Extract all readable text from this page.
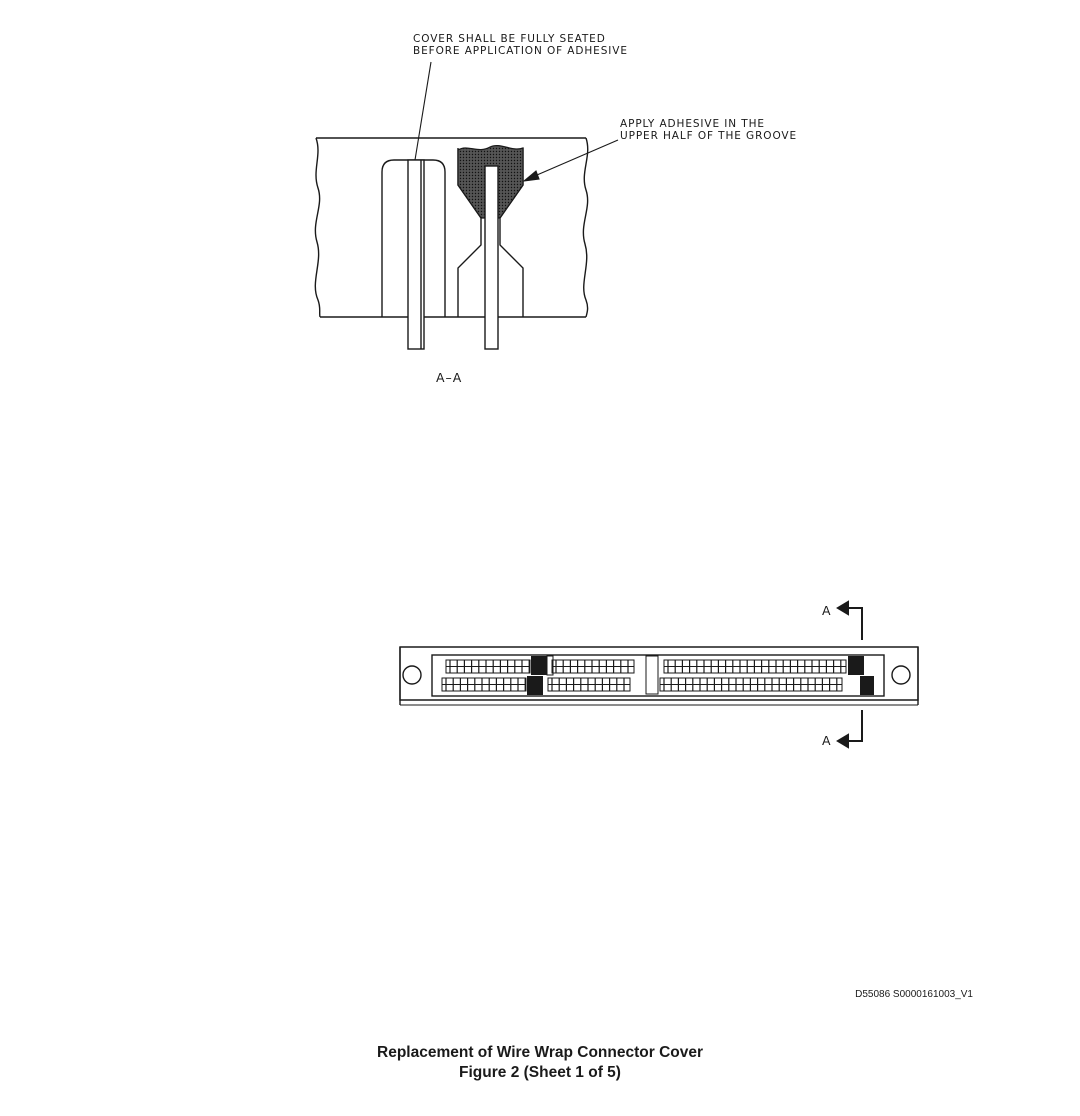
COVER SHALL BE FULLY SEATED
BEFORE APPLICATION OF ADHESIVE
APPLY ADHESIVE IN THE
UPPER HALF OF THE GROOVE
A–A
A
A
D55086 S0000161003_V1
Replacement of Wire Wrap Connector Cover
Figure 2 (Sheet 1 of 5)
